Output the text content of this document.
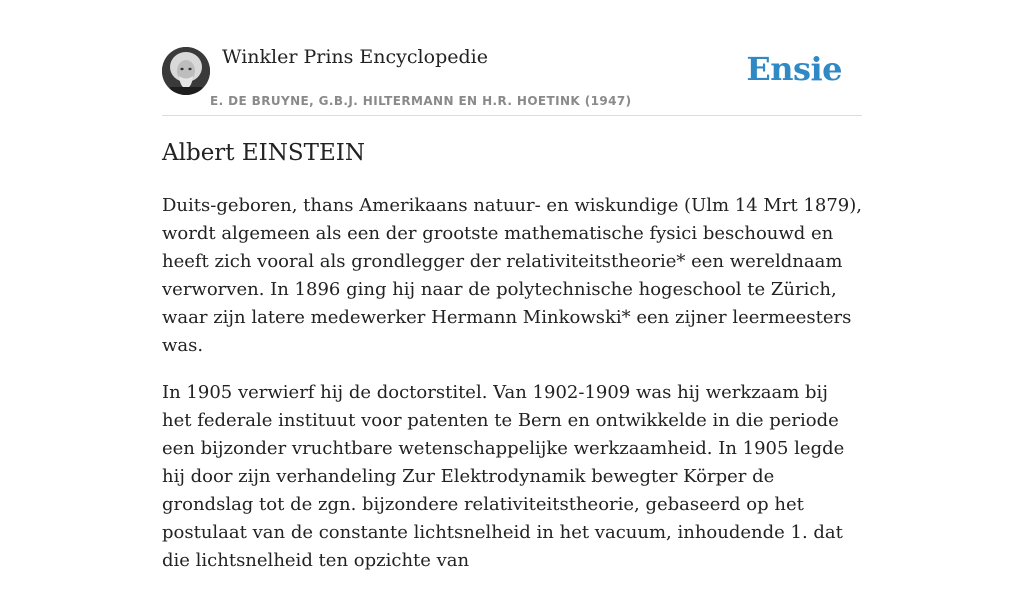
Winkler Prins Encyclopedie
E. DE BRUYNE, G.B.J. HILTERMANN EN H.R. HOETINK (1947)
Ensie
Albert EINSTEIN

Duits-geboren, thans Amerikaans natuur- en wiskundige (Ulm 14 Mrt 1879), wordt algemeen als een der grootste mathematische fysici beschouwd en heeft zich vooral als grondlegger der relativiteitstheorie* een wereldnaam verworven. In 1896 ging hij naar de polytechnische hogeschool te Zürich, waar zijn latere medewerker Hermann Minkowski* een zijner leermeesters was.

In 1905 verwierf hij de doctorstitel. Van 1902-1909 was hij werkzaam bij het federale instituut voor patenten te Bern en ontwikkelde in die periode een bijzonder vruchtbare wetenschappelijke werkzaamheid. In 1905 legde hij door zijn verhandeling Zur Elektrodynamik bewegter Körper de grondslag tot de zgn. bijzondere relativiteitstheorie, gebaseerd op het postulaat van de constante lichtsnelheid in het vacuum, inhoudende 1. dat die lichtsnelheid ten opzichte van
